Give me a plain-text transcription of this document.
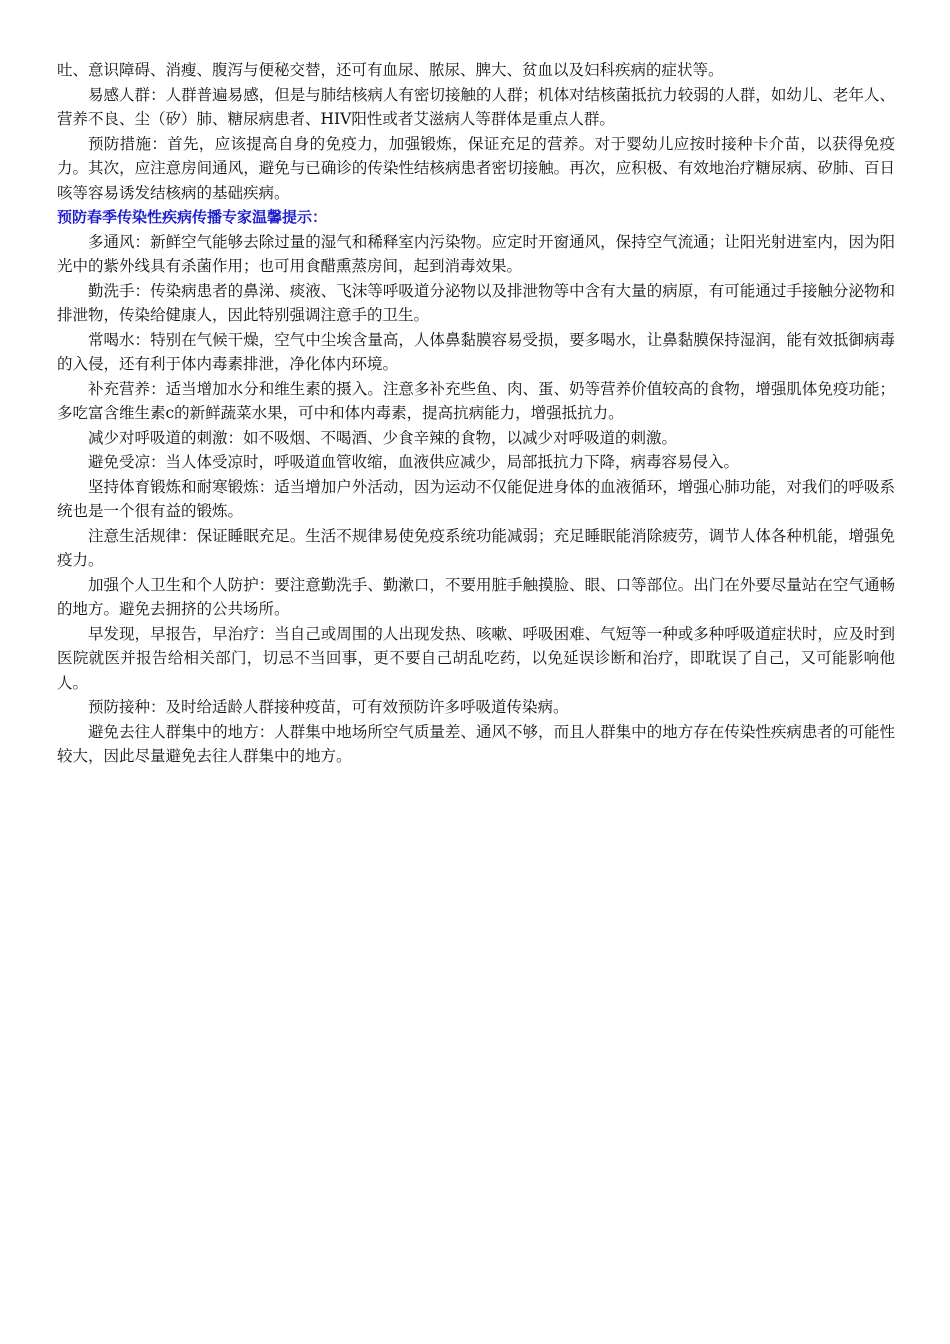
吐、意识障碍、消瘦、腹泻与便秘交替，还可有血尿、脓尿、脾大、贫血以及妇科疾病的症状等。

易感人群：人群普遍易感，但是与肺结核病人有密切接触的人群；机体对结核菌抵抗力较弱的人群，如幼儿、老年人、营养不良、尘（矽）肺、糖尿病患者、HIV阳性或者艾滋病人等群体是重点人群。

预防措施：首先，应该提高自身的免疫力，加强锻炼，保证充足的营养。对于婴幼儿应按时接种卡介苗，以获得免疫力。其次，应注意房间通风，避免与已确诊的传染性结核病患者密切接触。再次，应积极、有效地治疗糖尿病、矽肺、百日咳等容易诱发结核病的基础疾病。

预防春季传染性疾病传播专家温馨提示：

多通风：新鲜空气能够去除过量的湿气和稀释室内污染物。应定时开窗通风，保持空气流通；让阳光射进室内，因为阳光中的紫外线具有杀菌作用；也可用食醋熏蒸房间，起到消毒效果。

勤洗手：传染病患者的鼻涕、痰液、飞沫等呼吸道分泌物以及排泄物等中含有大量的病原，有可能通过手接触分泌物和排泄物，传染给健康人，因此特别强调注意手的卫生。

常喝水：特别在气候干燥，空气中尘埃含量高，人体鼻黏膜容易受损，要多喝水，让鼻黏膜保持湿润，能有效抵御病毒的入侵，还有利于体内毒素排泄，净化体内环境。

补充营养：适当增加水分和维生素的摄入。注意多补充些鱼、肉、蛋、奶等营养价值较高的食物，增强肌体免疫功能；多吃富含维生素c的新鲜蔬菜水果，可中和体内毒素，提高抗病能力，增强抵抗力。

减少对呼吸道的刺激：如不吸烟、不喝酒、少食辛辣的食物，以减少对呼吸道的刺激。

避免受凉：当人体受凉时，呼吸道血管收缩，血液供应减少，局部抵抗力下降，病毒容易侵入。

坚持体育锻炼和耐寒锻炼：适当增加户外活动，因为运动不仅能促进身体的血液循环，增强心肺功能，对我们的呼吸系统也是一个很有益的锻炼。

注意生活规律：保证睡眠充足。生活不规律易使免疫系统功能减弱；充足睡眠能消除疲劳，调节人体各种机能，增强免疫力。

加强个人卫生和个人防护：要注意勤洗手、勤漱口，不要用脏手触摸脸、眼、口等部位。出门在外要尽量站在空气通畅的地方。避免去拥挤的公共场所。

早发现，早报告，早治疗：当自己或周围的人出现发热、咳嗽、呼吸困难、气短等一种或多种呼吸道症状时，应及时到医院就医并报告给相关部门，切忌不当回事，更不要自己胡乱吃药，以免延误诊断和治疗，即耽误了自己，又可能影响他人。

预防接种：及时给适龄人群接种疫苗，可有效预防许多呼吸道传染病。

避免去往人群集中的地方：人群集中地场所空气质量差、通风不够，而且人群集中的地方存在传染性疾病患者的可能性较大，因此尽量避免去往人群集中的地方。
